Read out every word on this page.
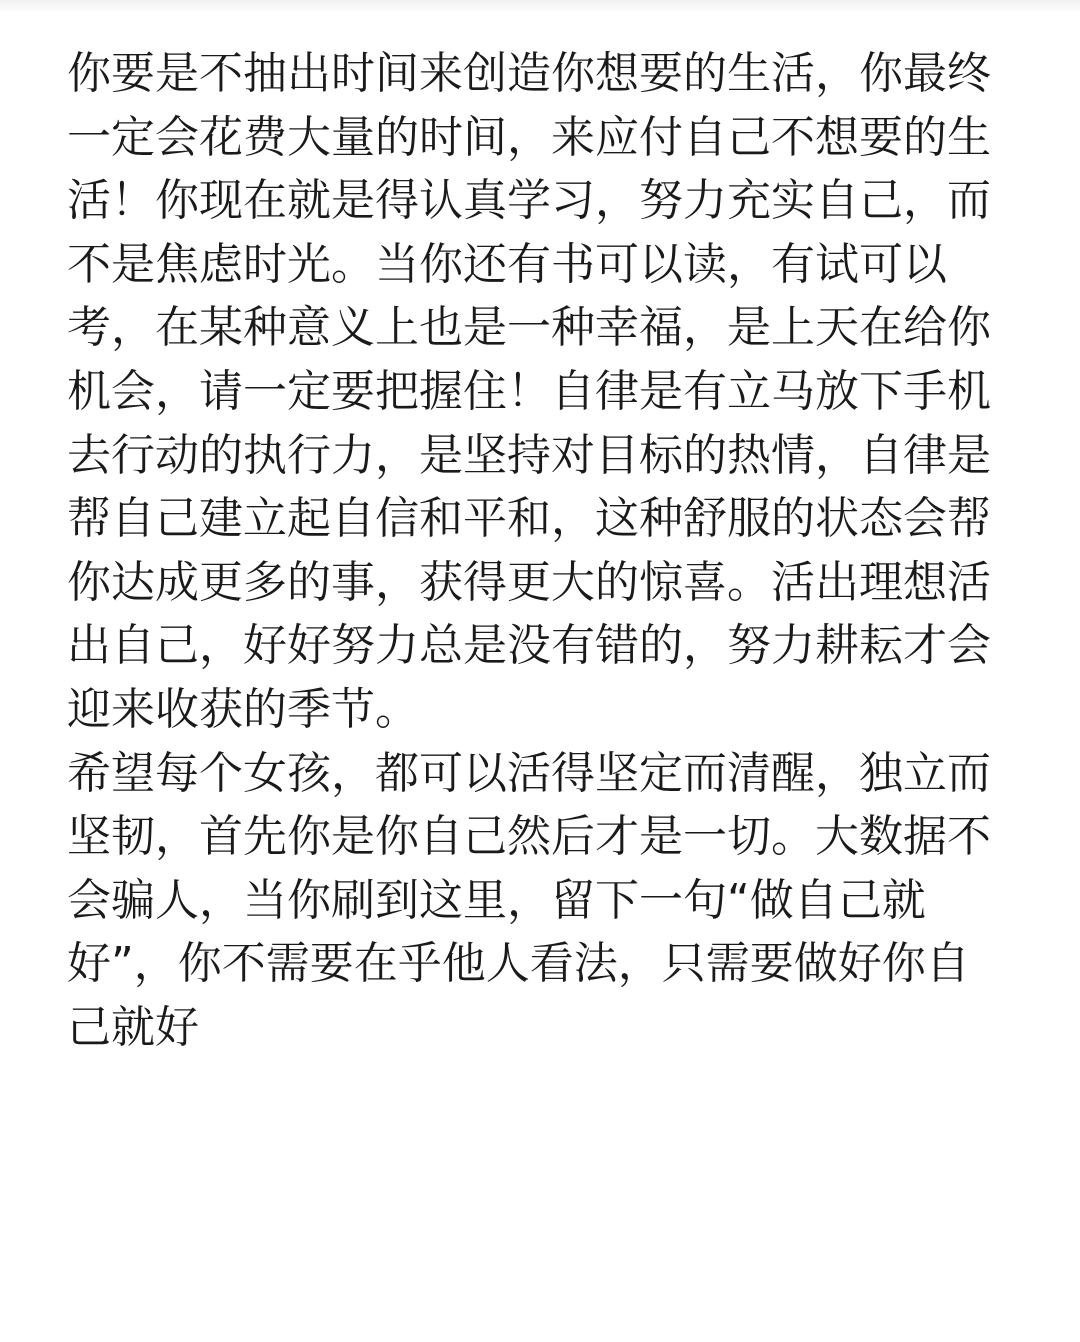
你要是不抽出时间来创造你想要的生活，你最终
一定会花费大量的时间，来应付自己不想要的生
活！你现在就是得认真学习，努力充实自己，而
不是焦虑时光。当你还有书可以读，有试可以
考，在某种意义上也是一种幸福，是上天在给你
机会，请一定要把握住！自律是有立马放下手机
去行动的执行力，是坚持对目标的热情，自律是
帮自己建立起自信和平和，这种舒服的状态会帮
你达成更多的事，获得更大的惊喜。活出理想活
出自己，好好努力总是没有错的，努力耕耘才会
迎来收获的季节。
希望每个女孩，都可以活得坚定而清醒，独立而
坚韧，首先你是你自己然后才是一切。大数据不
会骗人，当你刷到这里，留下一句“做自己就
好”，你不需要在乎他人看法，只需要做好你自
己就好
